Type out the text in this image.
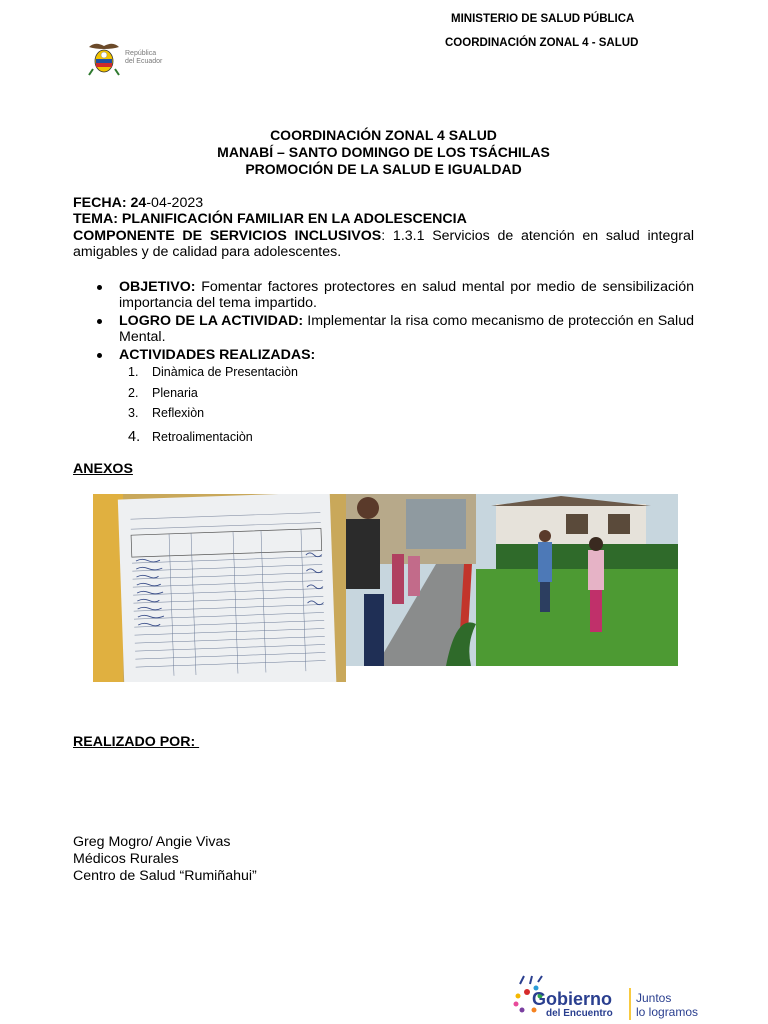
MINISTERIO DE SALUD PÚBLICA
COORDINACIÓN ZONAL 4 - SALUD
República
del Ecuador
COORDINACIÓN ZONAL 4 SALUD
MANABÍ – SANTO DOMINGO DE LOS TSÁCHILAS
PROMOCIÓN DE LA SALUD E IGUALDAD
FECHA: 24-04-2023
TEMA: PLANIFICACIÓN FAMILIAR EN LA ADOLESCENCIA
COMPONENTE DE SERVICIOS INCLUSIVOS: 1.3.1 Servicios de atención en salud integral amigables y de calidad para adolescentes.
OBJETIVO: Fomentar factores protectores en salud mental por medio de sensibilización importancia del tema impartido.
LOGRO DE LA ACTIVIDAD: Implementar la risa como mecanismo de protección en Salud Mental.
ACTIVIDADES REALIZADAS:
1. Dinàmica de Presentaciòn
2. Plenaria
3. Reflexiòn
4. Retroalimentaciòn
ANEXOS
REALIZADO POR:
Greg Mogro/ Angie Vivas
Médicos Rurales
Centro de Salud “Rumiñahui”
Gobierno
del Encuentro
Juntos
lo logramos
